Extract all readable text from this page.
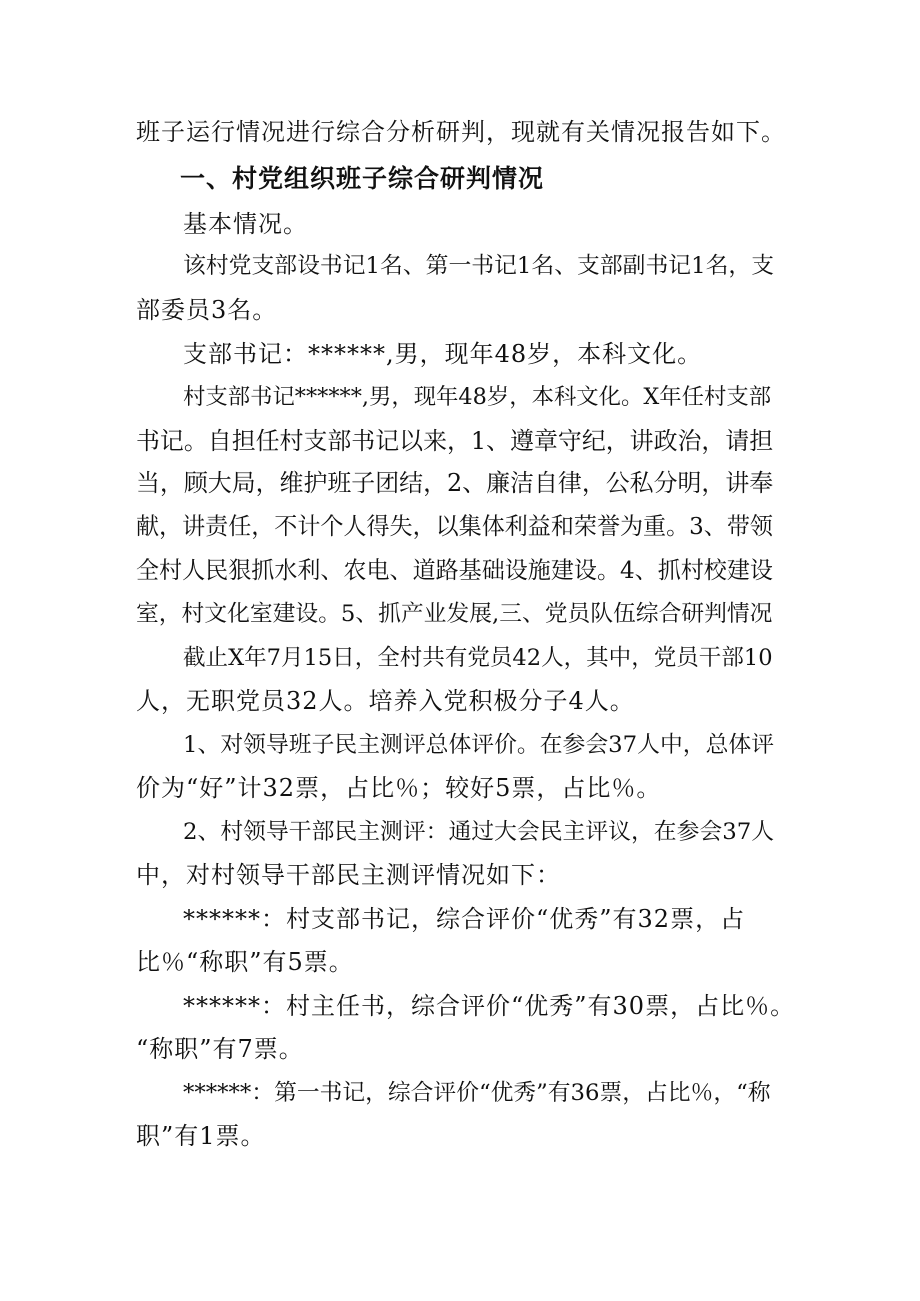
班子运行情况进行综合分析研判，现就有关情况报告如下。
一、村党组织班子综合研判情况
基本情况。
该村党支部设书记1名、第一书记1名、支部副书记1名，支
部委员3名。
支部书记：******,男，现年48岁，本科文化。
村支部书记******,男，现年48岁，本科文化。X年任村支部
书记。自担任村支部书记以来，1、遵章守纪，讲政治，请担
当，顾大局，维护班子团结，2、廉洁自律，公私分明，讲奉
献，讲责任，不计个人得失，以集体利益和荣誉为重。3、带领
全村人民狠抓水利、农电、道路基础设施建设。4、抓村校建设
室，村文化室建设。5、抓产业发展,三、党员队伍综合研判情况
截止X年7月15日，全村共有党员42人，其中，党员干部10
人，无职党员32人。培养入党积极分子4人。
1、对领导班子民主测评总体评价。在参会37人中，总体评
价为“好”计32票，占比％；较好5票，占比％。
2、村领导干部民主测评：通过大会民主评议，在参会37人
中，对村领导干部民主测评情况如下：
******：村支部书记，综合评价“优秀”有32票，占
比％“称职”有5票。
******：村主任书，综合评价“优秀”有30票，占比％。
“称职”有7票。
******：第一书记，综合评价“优秀”有36票，占比％，“称
职”有1票。
